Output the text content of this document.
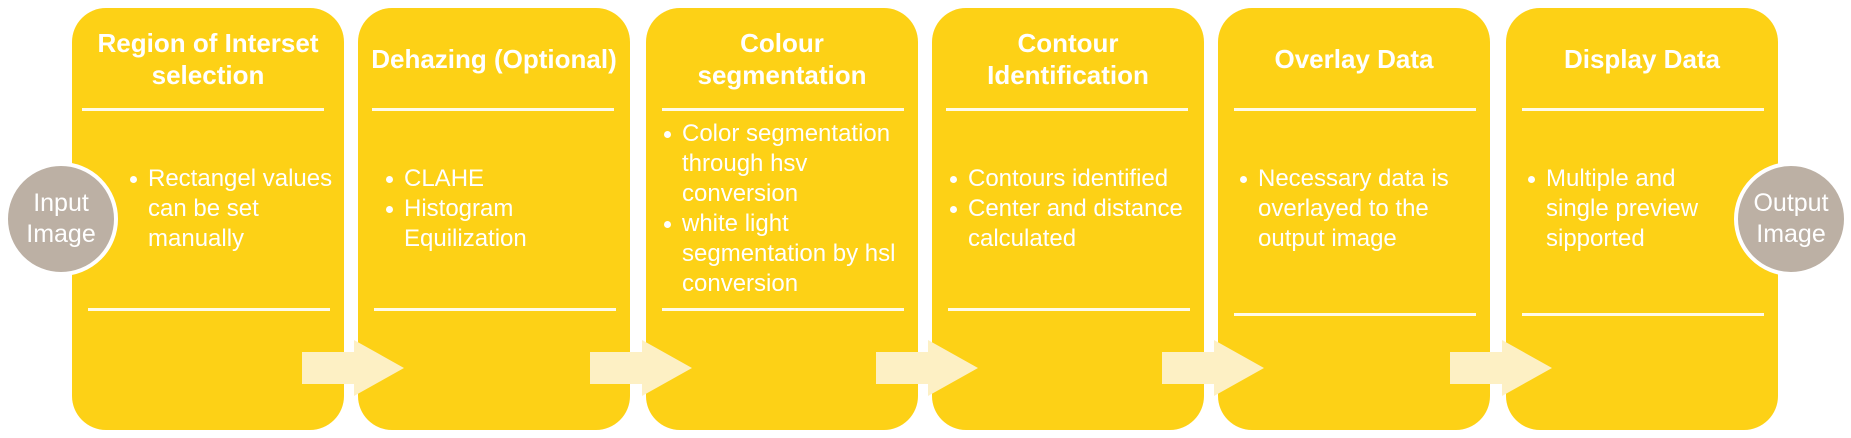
Region of Interset selection
Rectangel values can be set manually
Dehazing (Optional)
CLAHE
Histogram Equilization
Colour segmentation
Color segmentation through hsv conversion
white light segmentation by hsl conversion
Contour Identification
Contours identified
Center and distance calculated
Overlay Data
Necessary data is overlayed to the output image
Display Data
Multiple and single preview sipported
Input
Image
Output
Image
